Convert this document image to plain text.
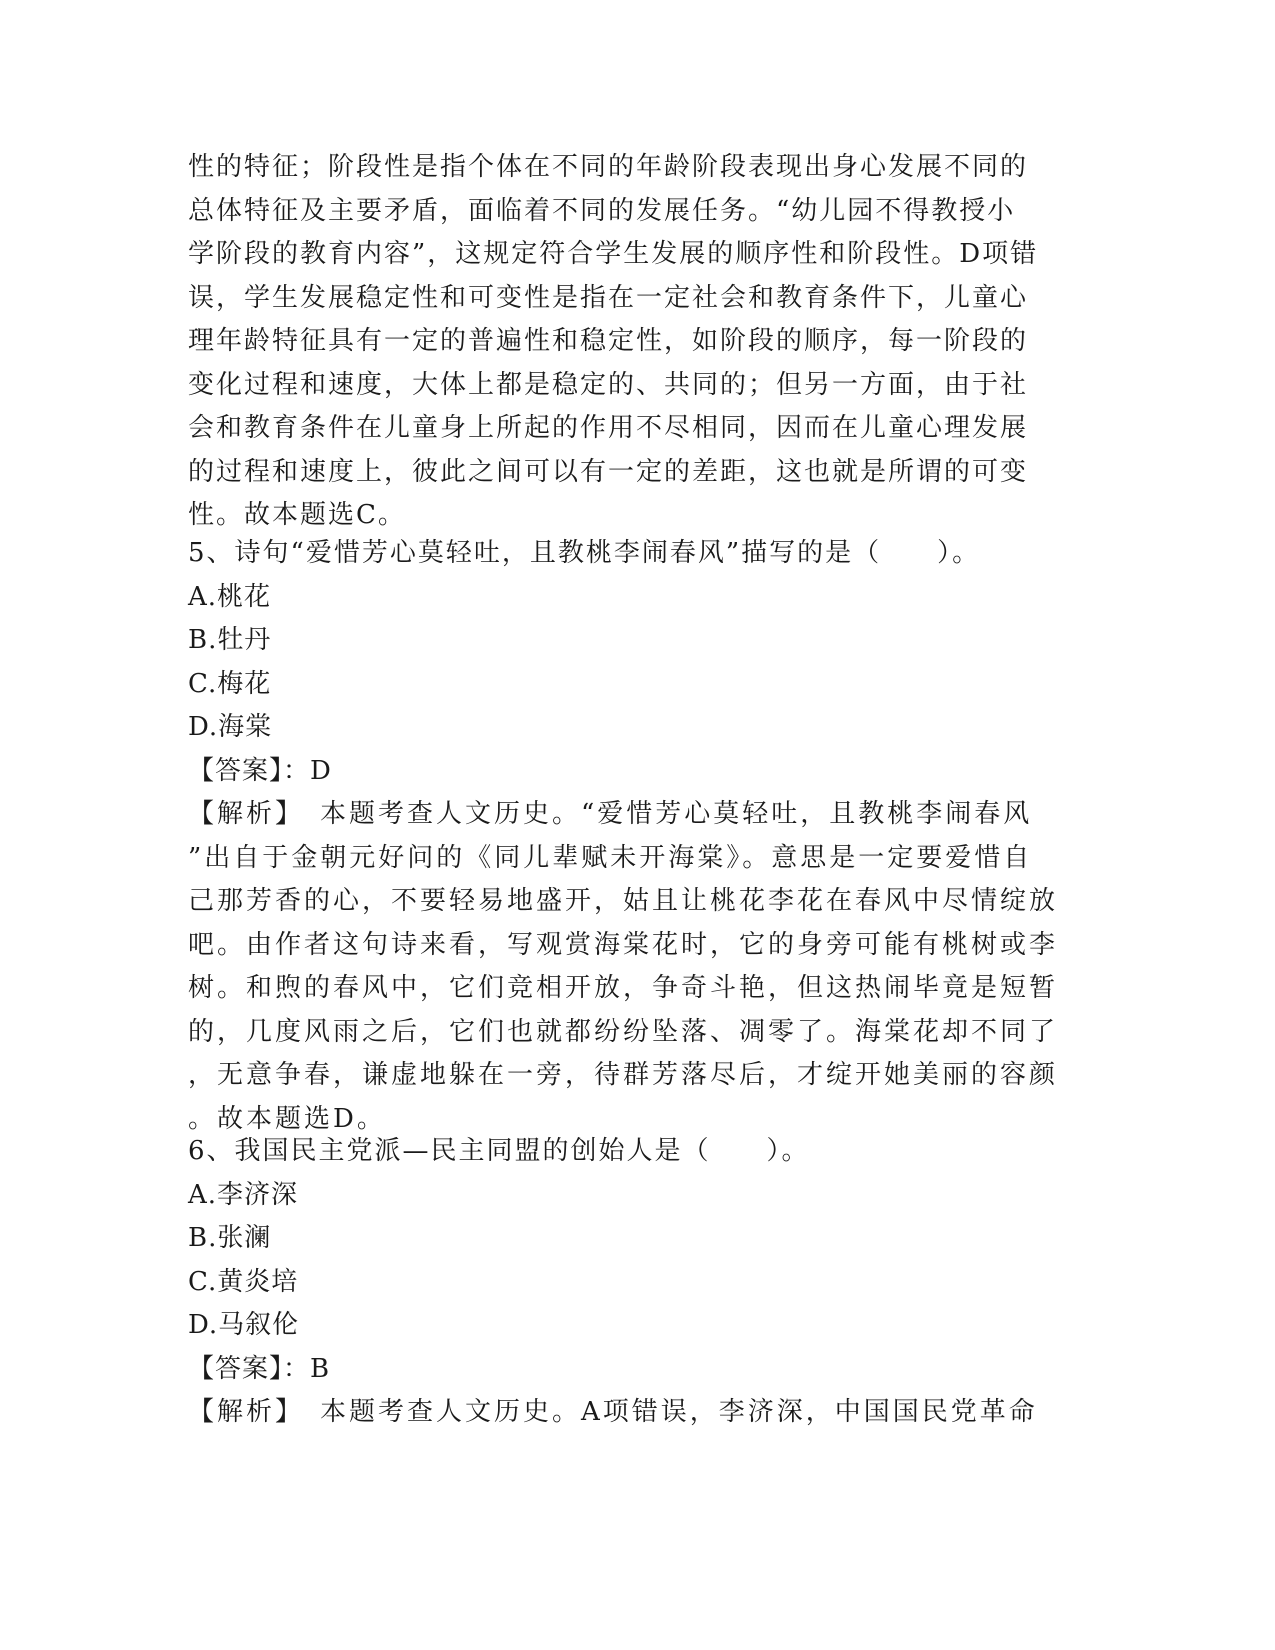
性的特征；阶段性是指个体在不同的年龄阶段表现出身心发展不同的
总体特征及主要矛盾，面临着不同的发展任务。“幼儿园不得教授小
学阶段的教育内容”，这规定符合学生发展的顺序性和阶段性。D项错
误，学生发展稳定性和可变性是指在一定社会和教育条件下，儿童心
理年龄特征具有一定的普遍性和稳定性，如阶段的顺序，每一阶段的
变化过程和速度，大体上都是稳定的、共同的；但另一方面，由于社
会和教育条件在儿童身上所起的作用不尽相同，因而在儿童心理发展
的过程和速度上，彼此之间可以有一定的差距，这也就是所谓的可变
性。故本题选C。
5、诗句“爱惜芳心莫轻吐，且教桃李闹春风”描写的是（　　）。
A.桃花
B.牡丹
C.梅花
D.海棠
【答案】：D
【解析】　本题考查人文历史。“爱惜芳心莫轻吐，且教桃李闹春风
”出自于金朝元好问的《同儿辈赋未开海棠》。意思是一定要爱惜自
己那芳香的心，不要轻易地盛开，姑且让桃花李花在春风中尽情绽放
吧。由作者这句诗来看，写观赏海棠花时，它的身旁可能有桃树或李
树。和煦的春风中，它们竞相开放，争奇斗艳，但这热闹毕竟是短暂
的，几度风雨之后，它们也就都纷纷坠落、凋零了。海棠花却不同了
，无意争春，谦虚地躲在一旁，待群芳落尽后，才绽开她美丽的容颜
。故本题选D。
6、我国民主党派—民主同盟的创始人是（　　）。
A.李济深
B.张澜
C.黄炎培
D.马叙伦
【答案】：B
【解析】　本题考查人文历史。A项错误，李济深，中国国民党革命
